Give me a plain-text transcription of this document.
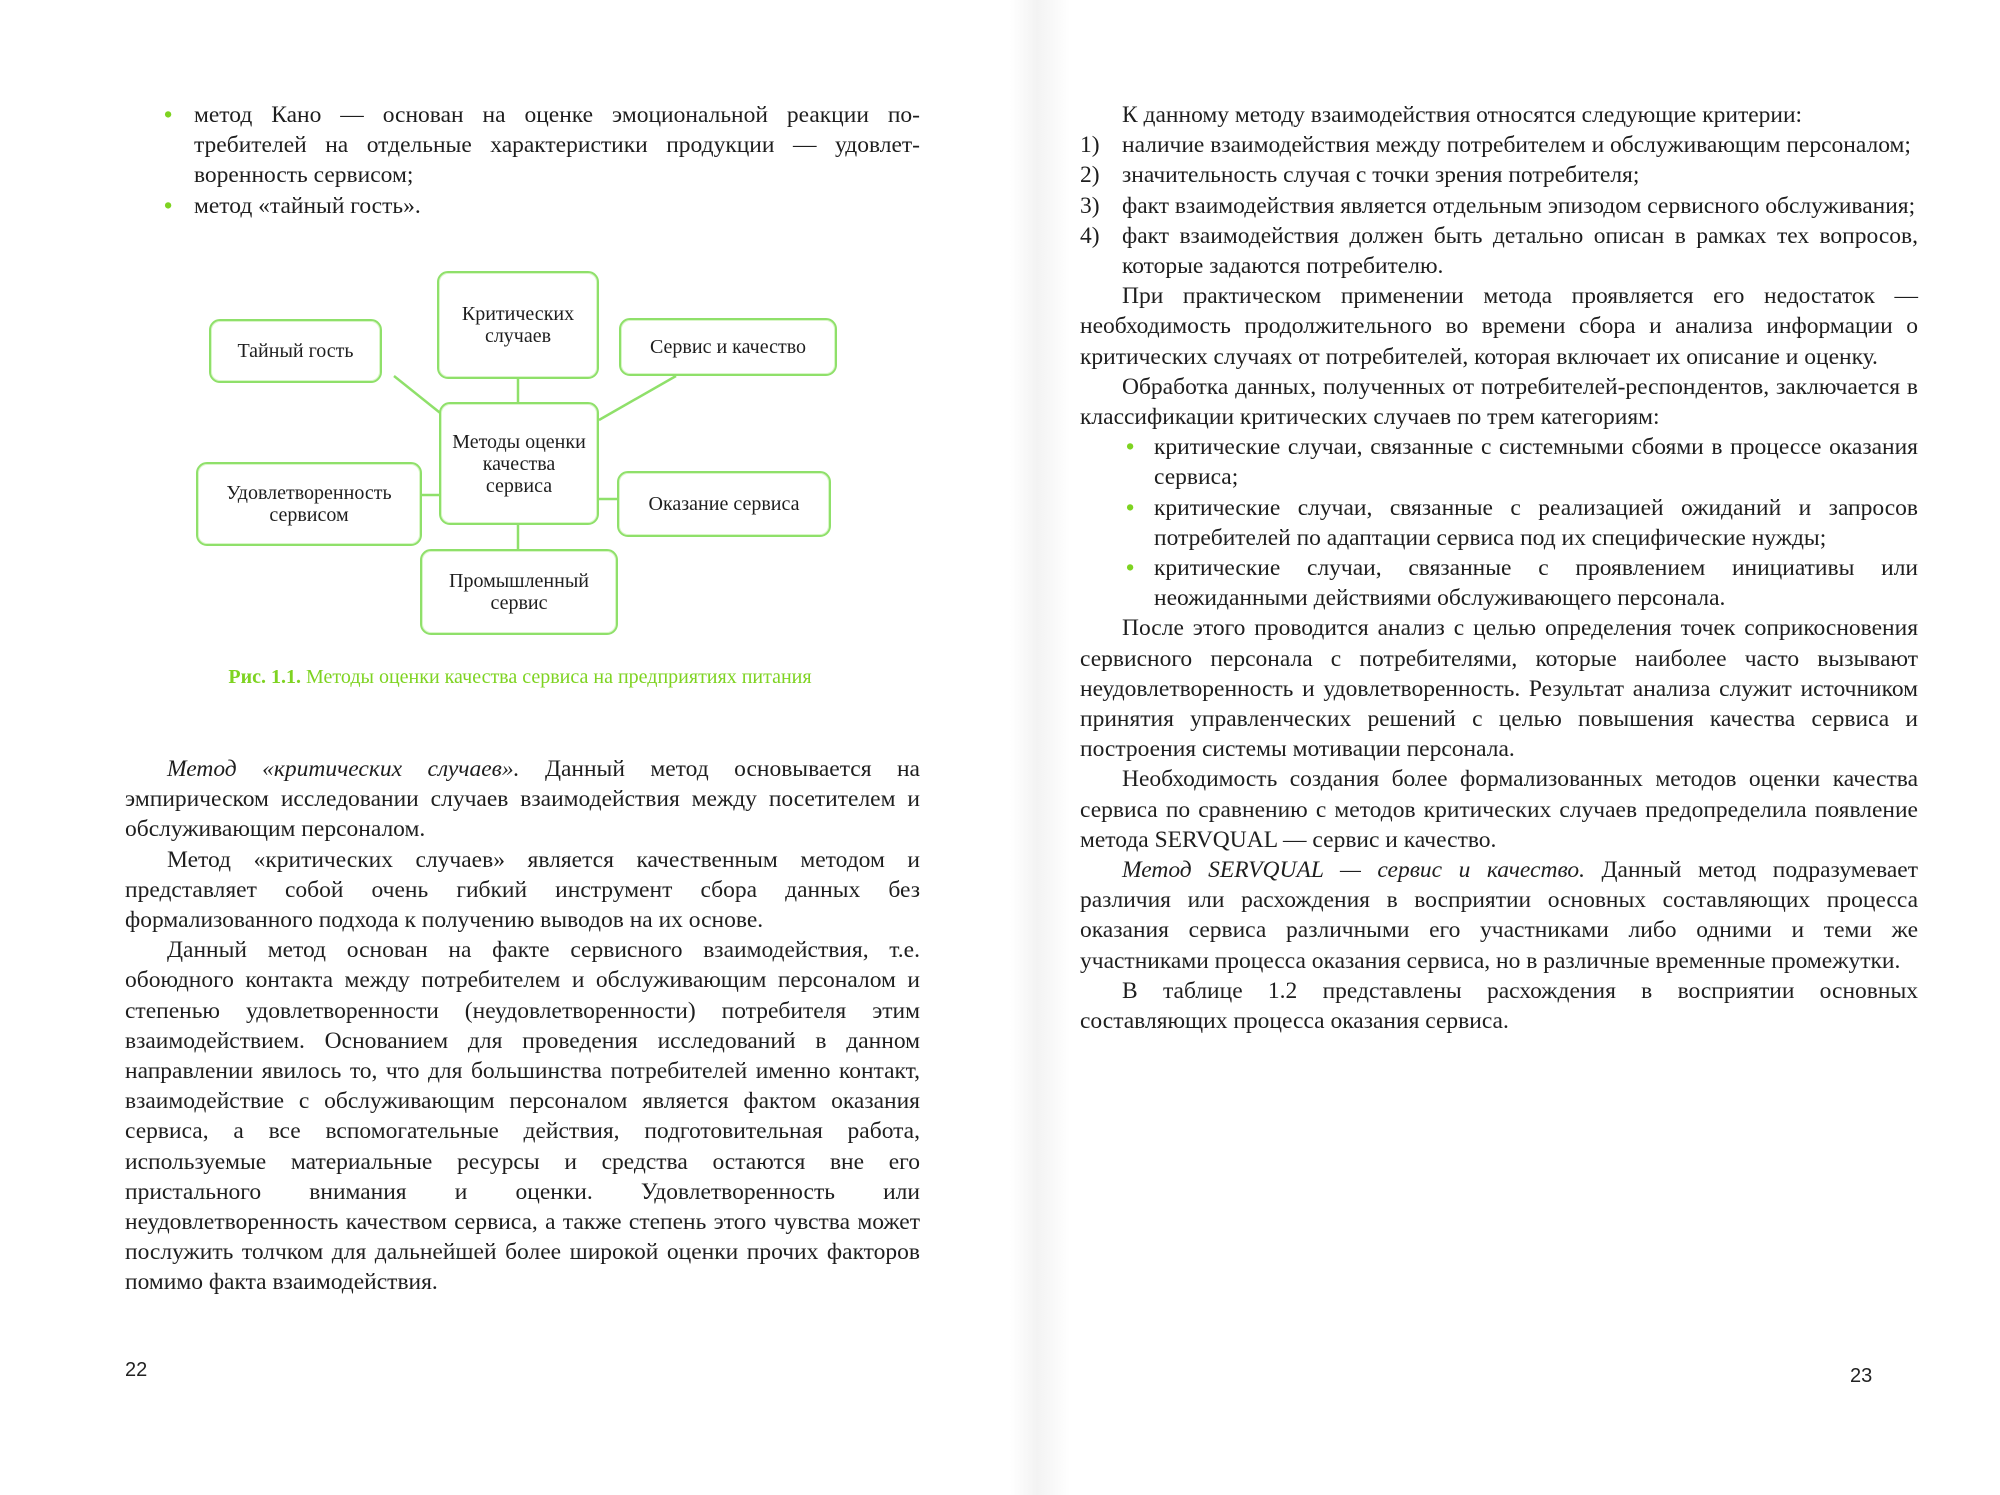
• метод Кано — основан на оценке эмоциональной реакции потребителей на отдельные характеристики продукции — удовлетворенность сервисом;
• метод «тайный гость».
Критических случаев
Тайный гость	Сервис и качество
Методы оценки качества сервиса
Удовлетворенность сервисом	Оказание сервиса
Промышленный сервис
Рис. 1.1. Методы оценки качества сервиса на предприятиях питания

Метод «критических случаев». Данный метод основывается на эмпирическом исследовании случаев взаимодействия между посетителем и обслуживающим персоналом.

Метод «критических случаев» является качественным методом и представляет собой очень гибкий инструмент сбора данных без формализованного подхода к получению выводов на их основе.

Данный метод основан на факте сервисного взаимодействия, т.е. обоюдного контакта между потребителем и обслуживающим персоналом и степенью удовлетворенности (неудовлетворенности) потребителя этим взаимодействием. Основанием для проведения исследований в данном направлении явилось то, что для большинства потребителей именно контакт, взаимодействие с обслуживающим персоналом является фактом оказания сервиса, а все вспомогательные действия, подготовительная работа, используемые материальные ресурсы и средства остаются вне его пристального внимания и оценки. Удовлетворенность или неудовлетворенность качеством сервиса, а также степень этого чувства может послужить толчком для дальнейшей более широкой оценки прочих факторов помимо факта взаимодействия.

22

К данному методу взаимодействия относятся следующие критерии:

1) наличие взаимодействия между потребителем и обслуживающим персоналом;
2) значительность случая с точки зрения потребителя;
3) факт взаимодействия является отдельным эпизодом сервисного обслуживания;
4) факт взаимодействия должен быть детально описан в рамках тех вопросов, которые задаются потребителю.

При практическом применении метода проявляется его недостаток — необходимость продолжительного во времени сбора и анализа информации о критических случаях от потребителей, которая включает их описание и оценку.

Обработка данных, полученных от потребителей-респондентов, заключается в классификации критических случаев по трем категориям:

• критические случаи, связанные с системными сбоями в процессе оказания сервиса;
• критические случаи, связанные с реализацией ожиданий и запросов потребителей по адаптации сервиса под их специфические нужды;
• критические случаи, связанные с проявлением инициативы или неожиданными действиями обслуживающего персонала.

После этого проводится анализ с целью определения точек соприкосновения сервисного персонала с потребителями, которые наиболее часто вызывают неудовлетворенность и удовлетворенность. Результат анализа служит источником принятия управленческих решений с целью повышения качества сервиса и построения системы мотивации персонала.

Необходимость создания более формализованных методов оценки качества сервиса по сравнению с методов критических случаев предопределила появление метода SERVQUAL — сервис и качество.

Метод SERVQUAL — сервис и качество. Данный метод подразумевает различия или расхождения в восприятии основных составляющих процесса оказания сервиса различными его участниками либо одними и теми же участниками процесса оказания сервиса, но в различные временные промежутки.

В таблице 1.2 представлены расхождения в восприятии основных составляющих процесса оказания сервиса.

23
